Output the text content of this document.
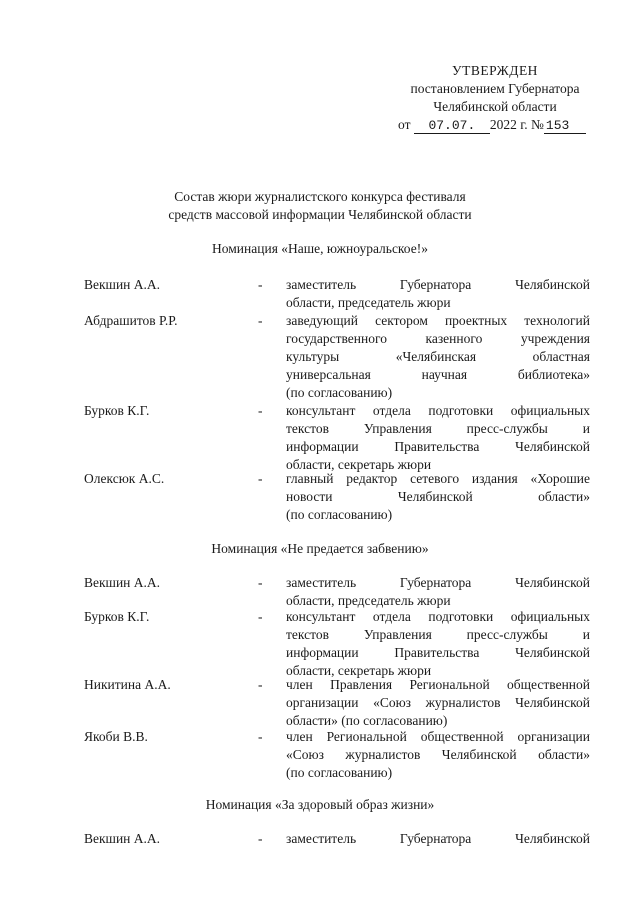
УТВЕРЖДЕН
постановлением Губернатора
Челябинской области
от 07.07. 2022 г. № 153
Состав жюри журналистского конкурса фестиваля
средств массовой информации Челябинской области
Номинация «Наше, южноуральское!»
Векшин А.А.	- заместитель Губернатора Челябинской
области, председатель жюри
Абдрашитов Р.Р.	- заведующий сектором проектных технологий
государственного казенного учреждения
культуры «Челябинская областная
универсальная научная библиотека»
(по согласованию)
Бурков К.Г.	- консультант отдела подготовки официальных
текстов Управления пресс-службы и
информации Правительства Челябинской
области, секретарь жюри
Олексюк А.С.	- главный редактор сетевого издания «Хорошие
новости Челябинской области»
(по согласованию)
Номинация «Не предается забвению»
Векшин А.А.	- заместитель Губернатора Челябинской
области, председатель жюри
Бурков К.Г.	- консультант отдела подготовки официальных
текстов Управления пресс-службы и
информации Правительства Челябинской
области, секретарь жюри
Никитина А.А.	- член Правления Региональной общественной
организации «Союз журналистов Челябинской
области» (по согласованию)
Якоби В.В.	- член Региональной общественной организации
«Союз журналистов Челябинской области»
(по согласованию)
Номинация «За здоровый образ жизни»
Векшин А.А.	- заместитель Губернатора Челябинской
